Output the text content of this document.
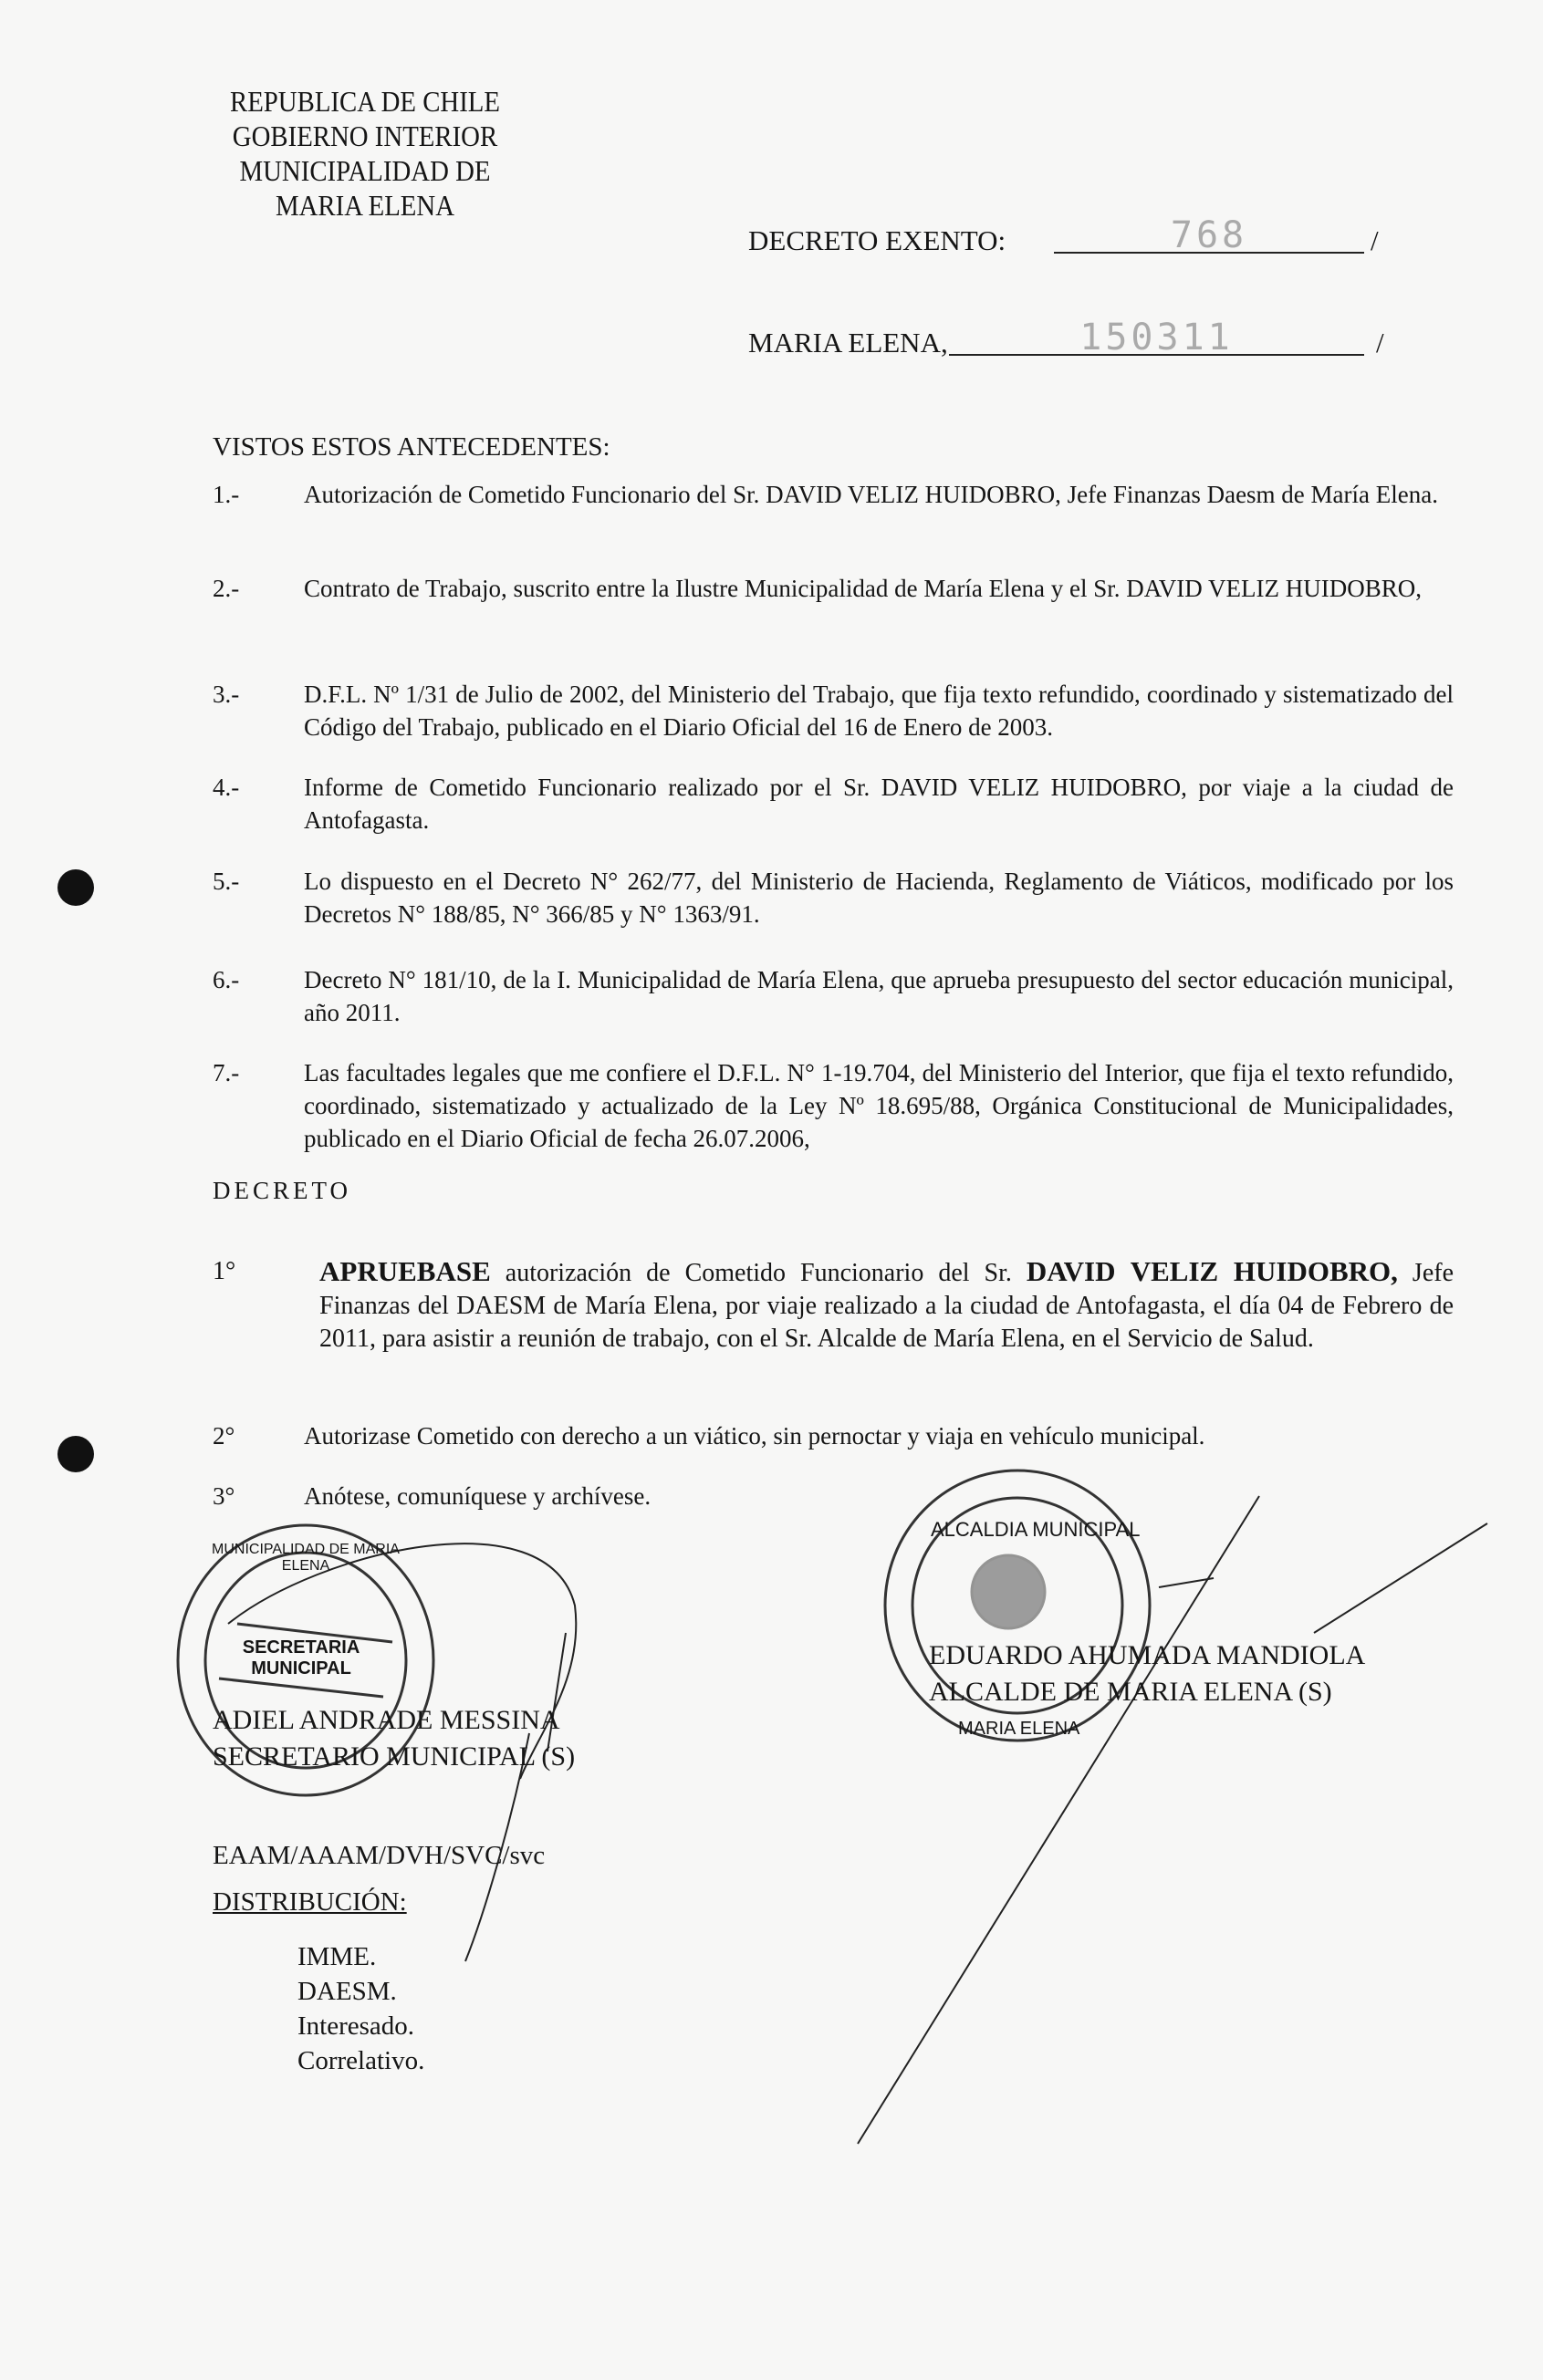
REPUBLICA DE CHILE
GOBIERNO INTERIOR
MUNICIPALIDAD DE
MARIA ELENA
DECRETO EXENTO:	768	/
MARIA ELENA,	150311	/
VISTOS ESTOS ANTECEDENTES:
1.-	Autorización de Cometido Funcionario del Sr. DAVID VELIZ HUIDOBRO, Jefe Finanzas Daesm de María Elena.
2.-	Contrato de Trabajo, suscrito entre la Ilustre Municipalidad de María Elena y el Sr. DAVID VELIZ HUIDOBRO,
3.-	D.F.L. Nº 1/31 de Julio de 2002, del Ministerio del Trabajo, que fija texto refundido, coordinado y sistematizado del Código del Trabajo, publicado en el Diario Oficial del 16 de Enero de 2003.
4.-	Informe de Cometido Funcionario realizado por el Sr. DAVID VELIZ HUIDOBRO, por viaje a la ciudad de Antofagasta.
5.-	Lo dispuesto en el Decreto N° 262/77, del Ministerio de Hacienda, Reglamento de Viáticos, modificado por los Decretos N° 188/85, N° 366/85 y N° 1363/91.
6.-	Decreto N° 181/10, de la I. Municipalidad de María Elena, que aprueba presupuesto del sector educación municipal, año 2011.
7.-	Las facultades legales que me confiere el D.F.L. N° 1-19.704, del Ministerio del Interior, que fija el texto refundido, coordinado, sistematizado y actualizado de la Ley Nº 18.695/88, Orgánica Constitucional de Municipalidades, publicado en el Diario Oficial de fecha 26.07.2006,
DECRETO
1°	APRUEBASE autorización de Cometido Funcionario del Sr. DAVID VELIZ HUIDOBRO, Jefe Finanzas del DAESM de María Elena, por viaje realizado a la ciudad de Antofagasta, el día 04 de Febrero de 2011, para asistir a reunión de trabajo, con el Sr. Alcalde de María Elena, en el Servicio de Salud.
2°	Autorizase Cometido con derecho a un viático, sin pernoctar y viaja en vehículo municipal.
3°	Anótese, comuníquese y archívese.
ADIEL ANDRADE MESSINA
SECRETARIO MUNICIPAL (S)
SECRETARIA MUNICIPAL
MUNICIPALIDAD DE MARIA ELENA
ALCALDIA MUNICIPAL
MARIA ELENA
EDUARDO AHUMADA MANDIOLA
ALCALDE DE MARIA ELENA (S)
EAAM/AAAM/DVH/SVC/svc
DISTRIBUCIÓN:
IMME.
DAESM.
Interesado.
Correlativo.
